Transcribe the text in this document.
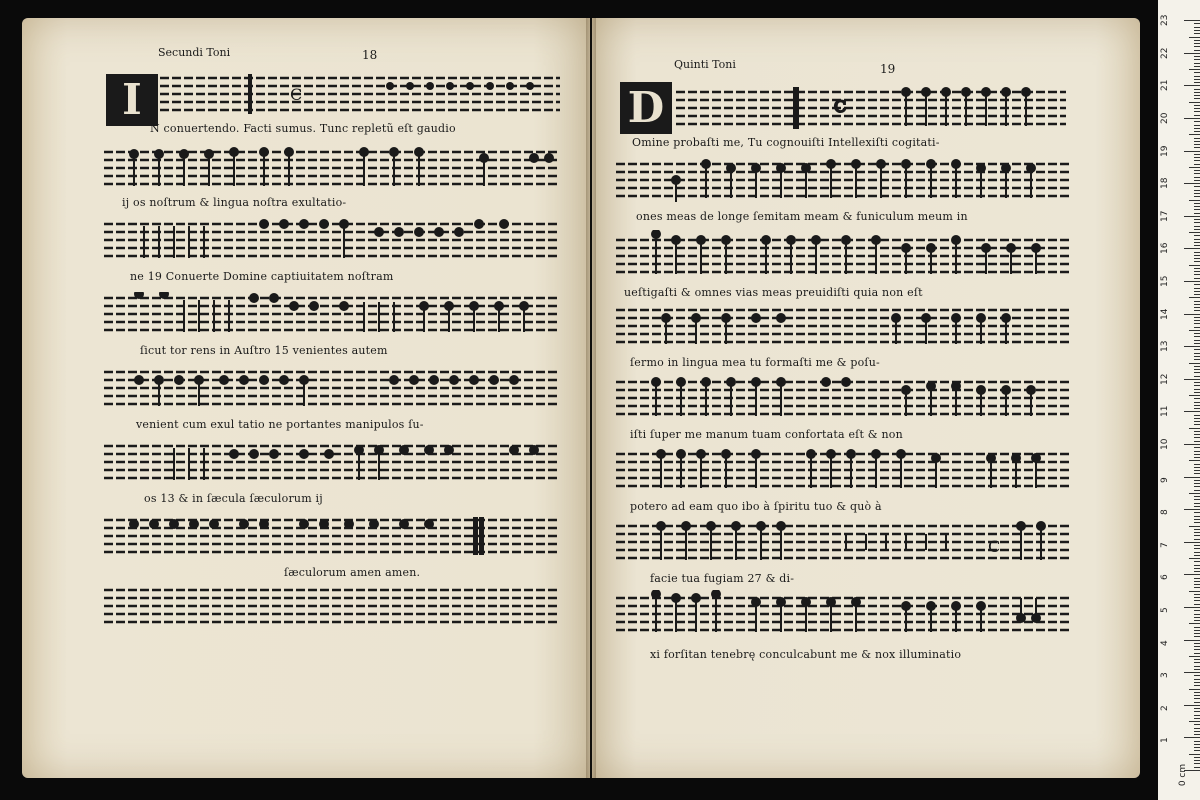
Secundi Toni	18
I	C
N conuertendo. Facti sumus. Tunc repletũ eſt gaudio
ij os noſtrum & lingua noſtra exultatio-
ne 19 Conuerte Domine captiuitatem noſtram
ſicut tor rens in Auſtro 15 venientes autem
venient cum exul tatio ne portantes manipulos ſu-
os 13 & in ſæcula ſæculorum ij
ſæculorum amen amen.
Quinti Toni	19
D	C
Omine probaſti me, Tu cognouiſti Intellexiſti cogitati-
ones meas de longe ſemitam meam & funiculum meum in
ueſtigaſti & omnes vias meas preuidiſti quia non eſt
ſermo in lingua mea tu formaſti me & poſu-
iſti ſuper me manum tuam confortata eſt & non
potero ad eam quo ibo à ſpiritu tuo & quò à
C
facie tua fugiam 27 & di-
xi forſitan tenebrę conculcabunt me & nox illuminatio
1
2
3
4
5
6
7
8
9
10
11
12
13
14
15
16
17
18
19
20
21
22
23
0 cm
